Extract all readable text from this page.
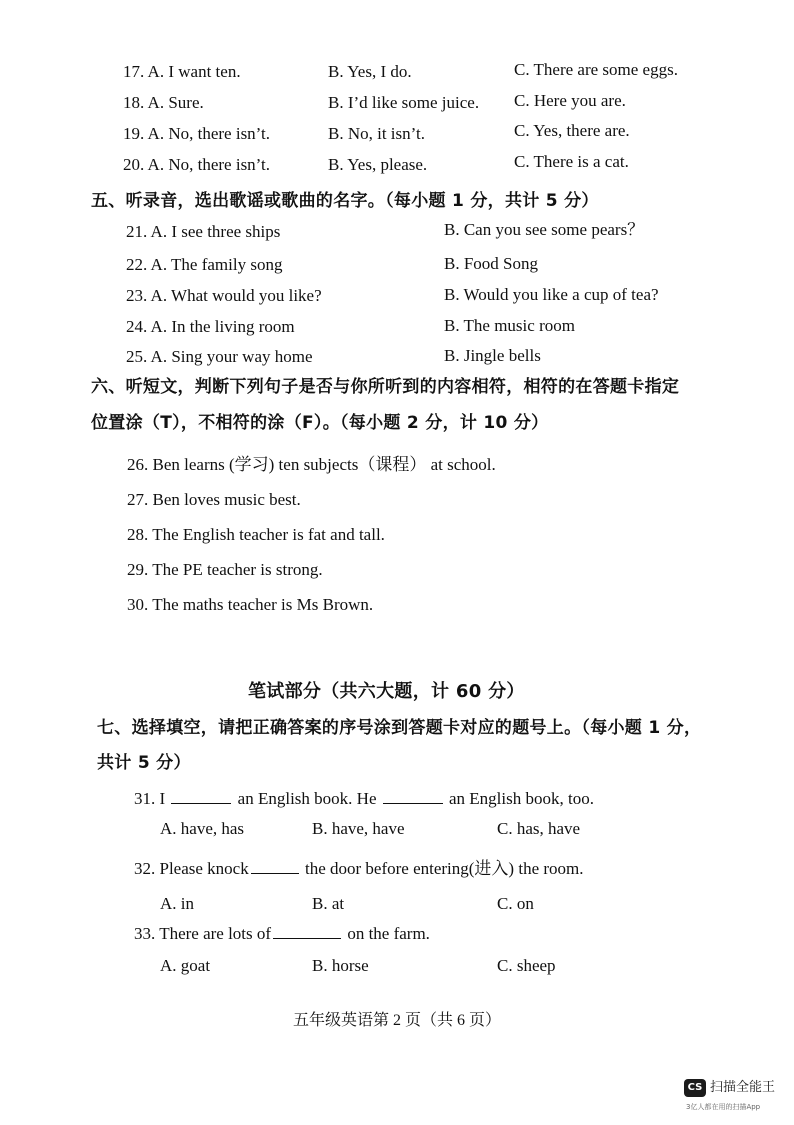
17. A. I want ten.	B. Yes, I do.	C. There are some eggs.
18. A. Sure.	B. I’d like some juice. C. Here you are.
19. A. No, there isn’t.	B. No, it isn’t.	C. Yes, there are.
20. A. No, there isn’t.	B. Yes, please.	C. There is a cat.
五、听录音，选出歌谣或歌曲的名字。（每小题 1 分，共计 5 分）
21. A. I see three ships	B. Can you see some pears？
22. A. The family song	B. Food Song
23. A. What would you like?	B. Would you like a cup of tea?
24. A. In the living room	B. The music room
25. A. Sing your way home	B. Jingle bells
六、听短文，判断下列句子是否与你所听到的内容相符，相符的在答题卡指定
位置涂（T），不相符的涂（F）。（每小题 2 分，计 10 分）
26. Ben learns (学习) ten subjects（课程） at school.
27. Ben loves music best.
28. The English teacher is fat and tall.
29. The PE teacher is strong.
30. The maths teacher is Ms Brown.
笔试部分（共六大题，计 60 分）
七、选择填空，请把正确答案的序号涂到答题卡对应的题号上。（每小题 1 分，
共计 5 分）
31. I	an English book. He	an English book, too.
A. have, has	B. have, have	C. has, have
32. Please knock	the door before entering(进入) the room.
A. in	B. at	C. on
33. There are lots of	on the farm.
A. goat	B. horse	C. sheep
五年级英语第 2 页（共 6 页）
CS 扫描全能王
3亿人都在用的扫描App
